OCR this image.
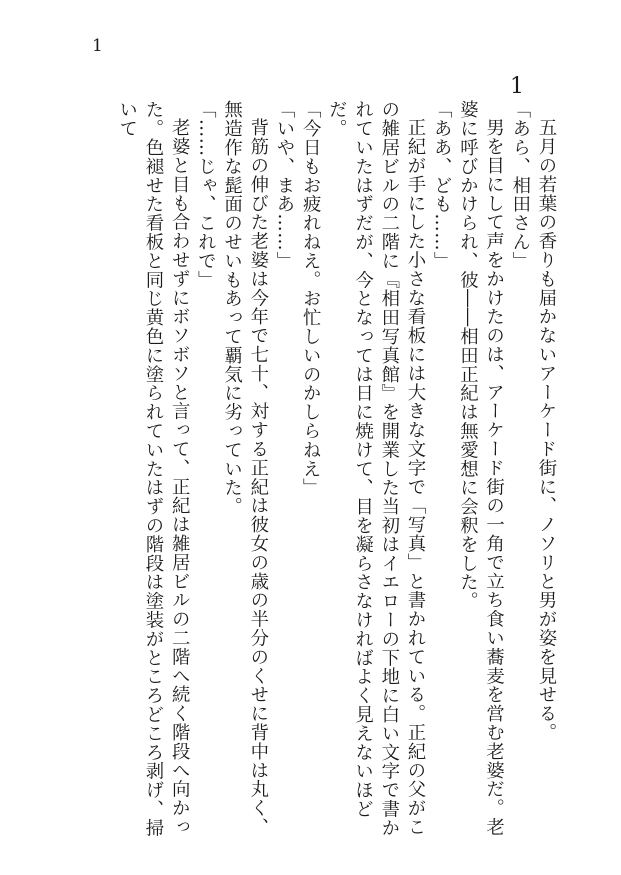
1
1

五月の若葉の香りも届かないアーケード街に、ノソリと男が姿を見せる。

「あら、相田さん」

男を目にして声をかけたのは、アーケード街の一角で立ち食い蕎麦を営む老婆だ。老婆に呼びかけられ、彼――相田正紀は無愛想に会釈をした。

「ああ、ども……」

正紀が手にした小さな看板には大きな文字で「写真」と書かれている。正紀の父がこの雑居ビルの二階に『相田写真館』を開業した当初はイエローの下地に白い文字で書かれていたはずだが、今となっては日に焼けて、目を凝らさなければよく見えないほどだ。

「今日もお疲れねえ。お忙しいのかしらねえ」

「いや、まあ……」

背筋の伸びた老婆は今年で七十、対する正紀は彼女の歳の半分のくせに背中は丸く、無造作な髭面のせいもあって覇気に劣っていた。

「……じゃ、これで」

老婆と目も合わせずにボソボソと言って、正紀は雑居ビルの二階へ続く階段へ向かった。色褪せた看板と同じ黄色に塗られていたはずの階段は塗装がところどころ剥げ、掃いて
